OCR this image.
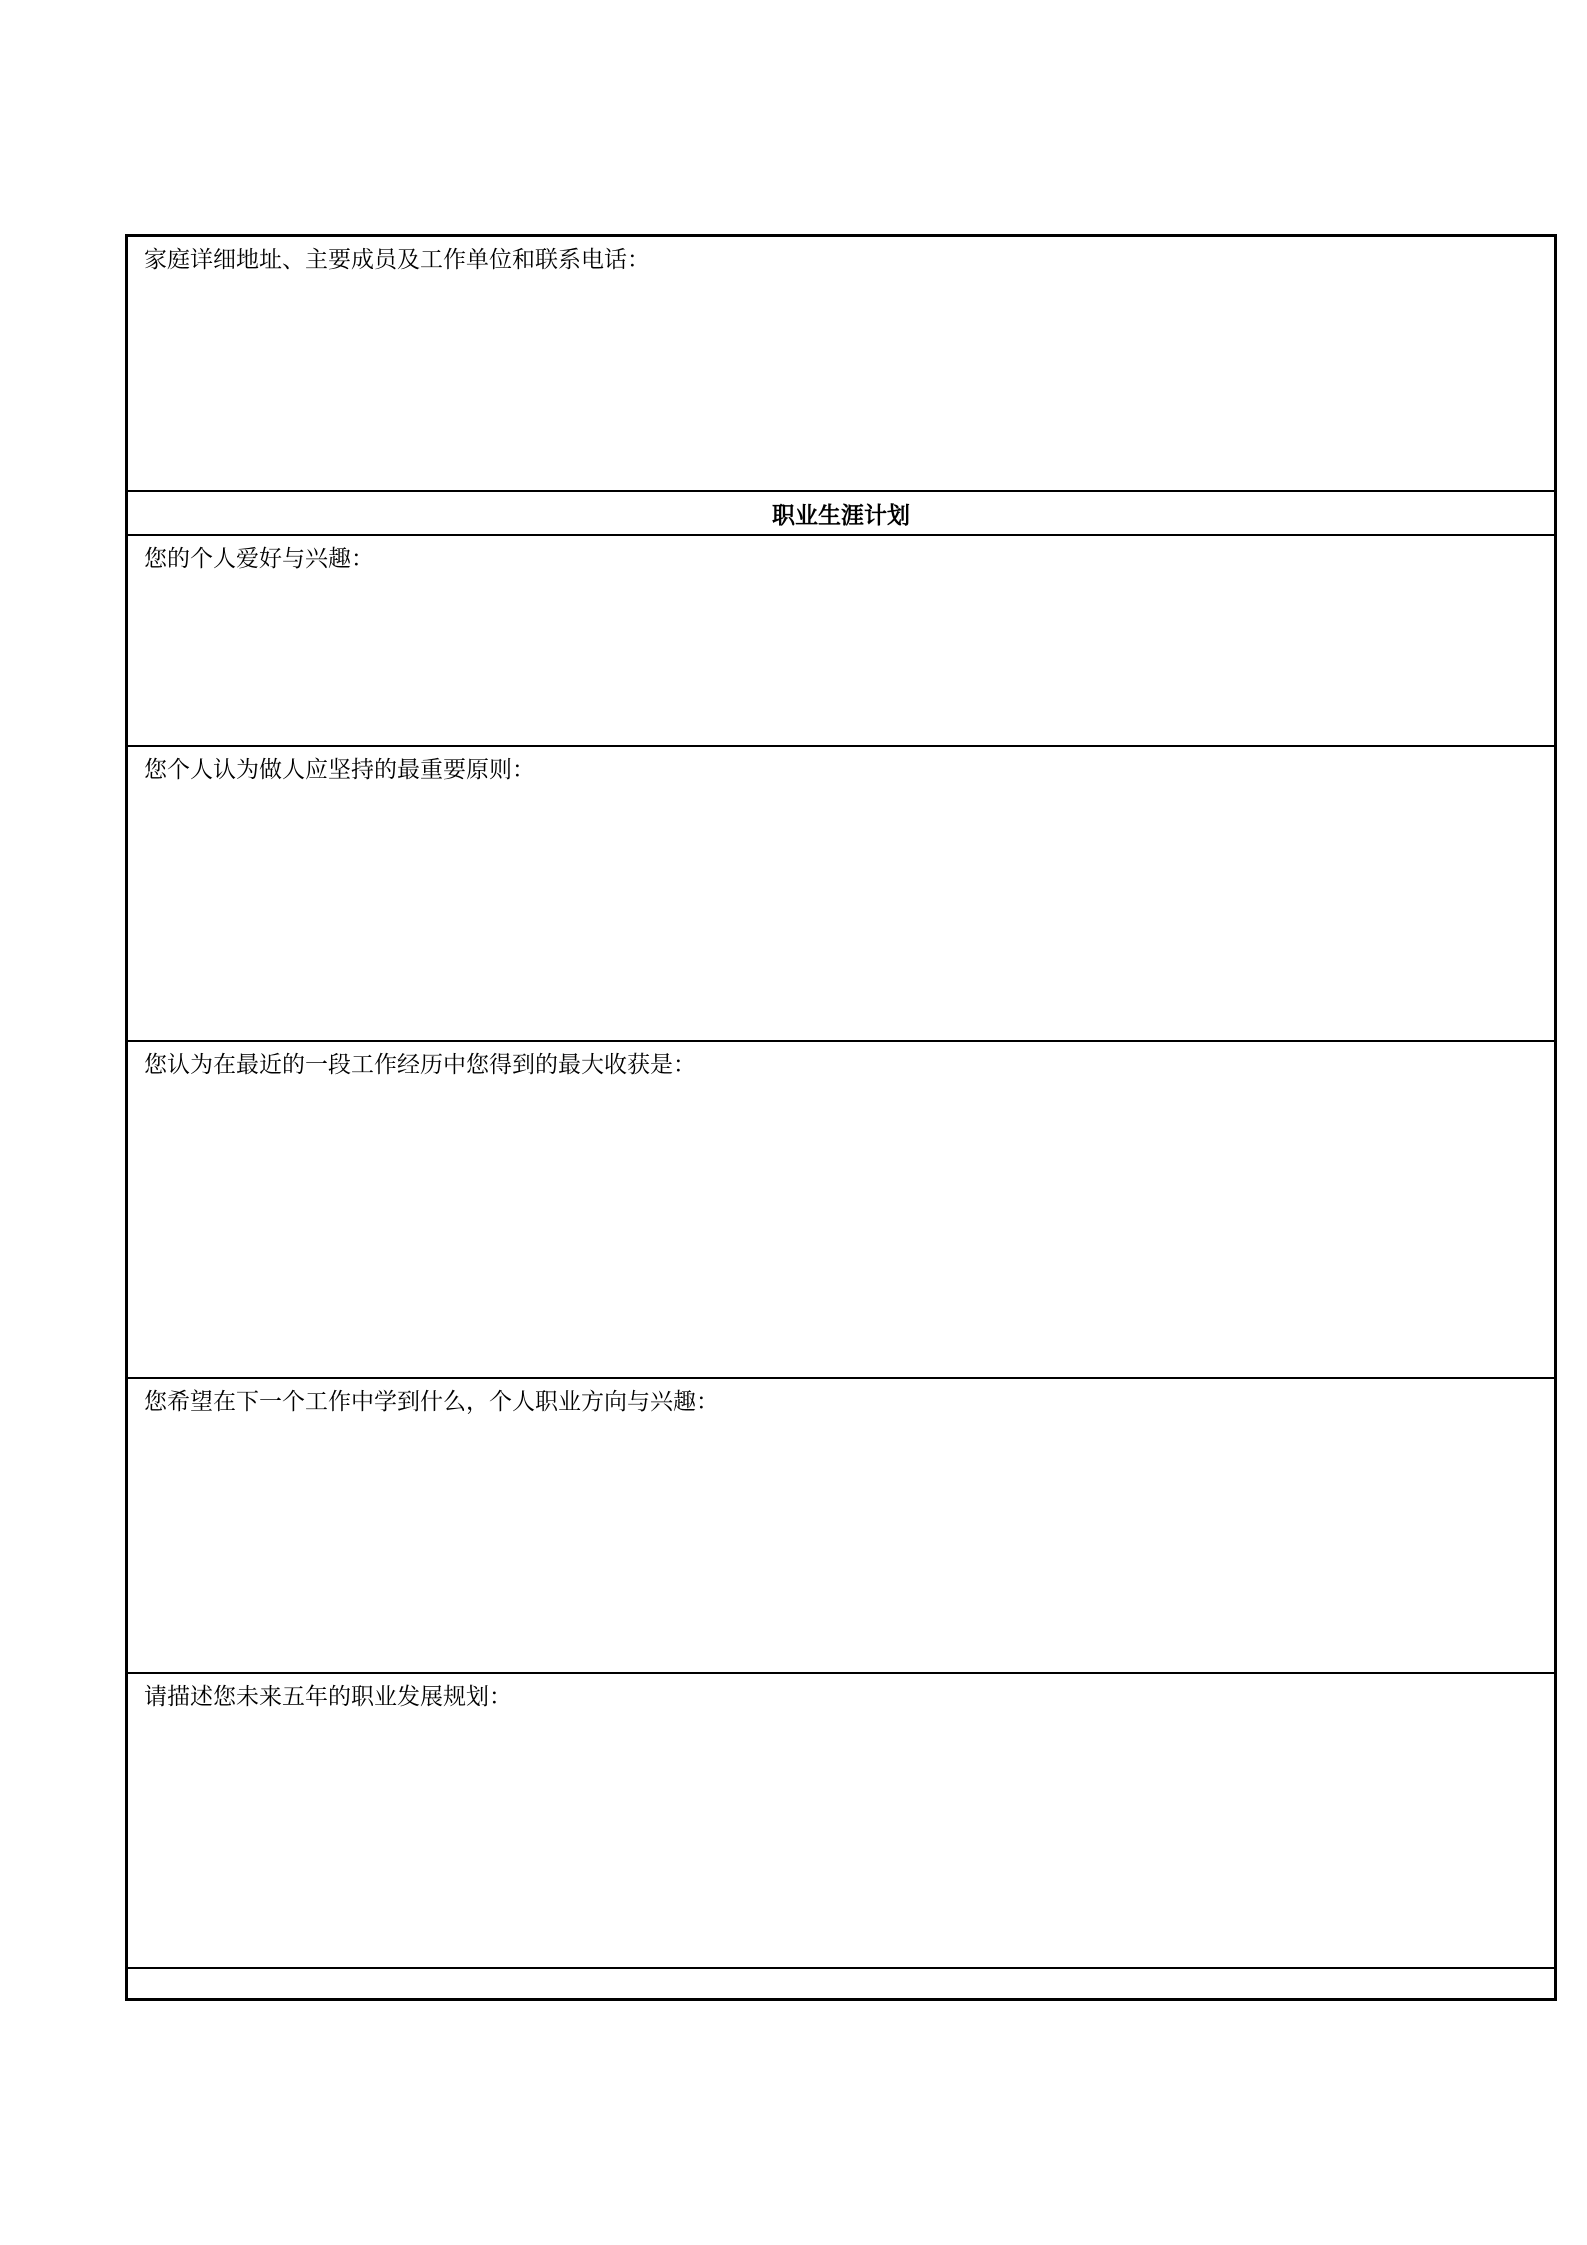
家庭详细地址、主要成员及工作单位和联系电话：
职业生涯计划
您的个人爱好与兴趣：
您个人认为做人应坚持的最重要原则：
您认为在最近的一段工作经历中您得到的最大收获是：
您希望在下一个工作中学到什么，个人职业方向与兴趣：
请描述您未来五年的职业发展规划：
